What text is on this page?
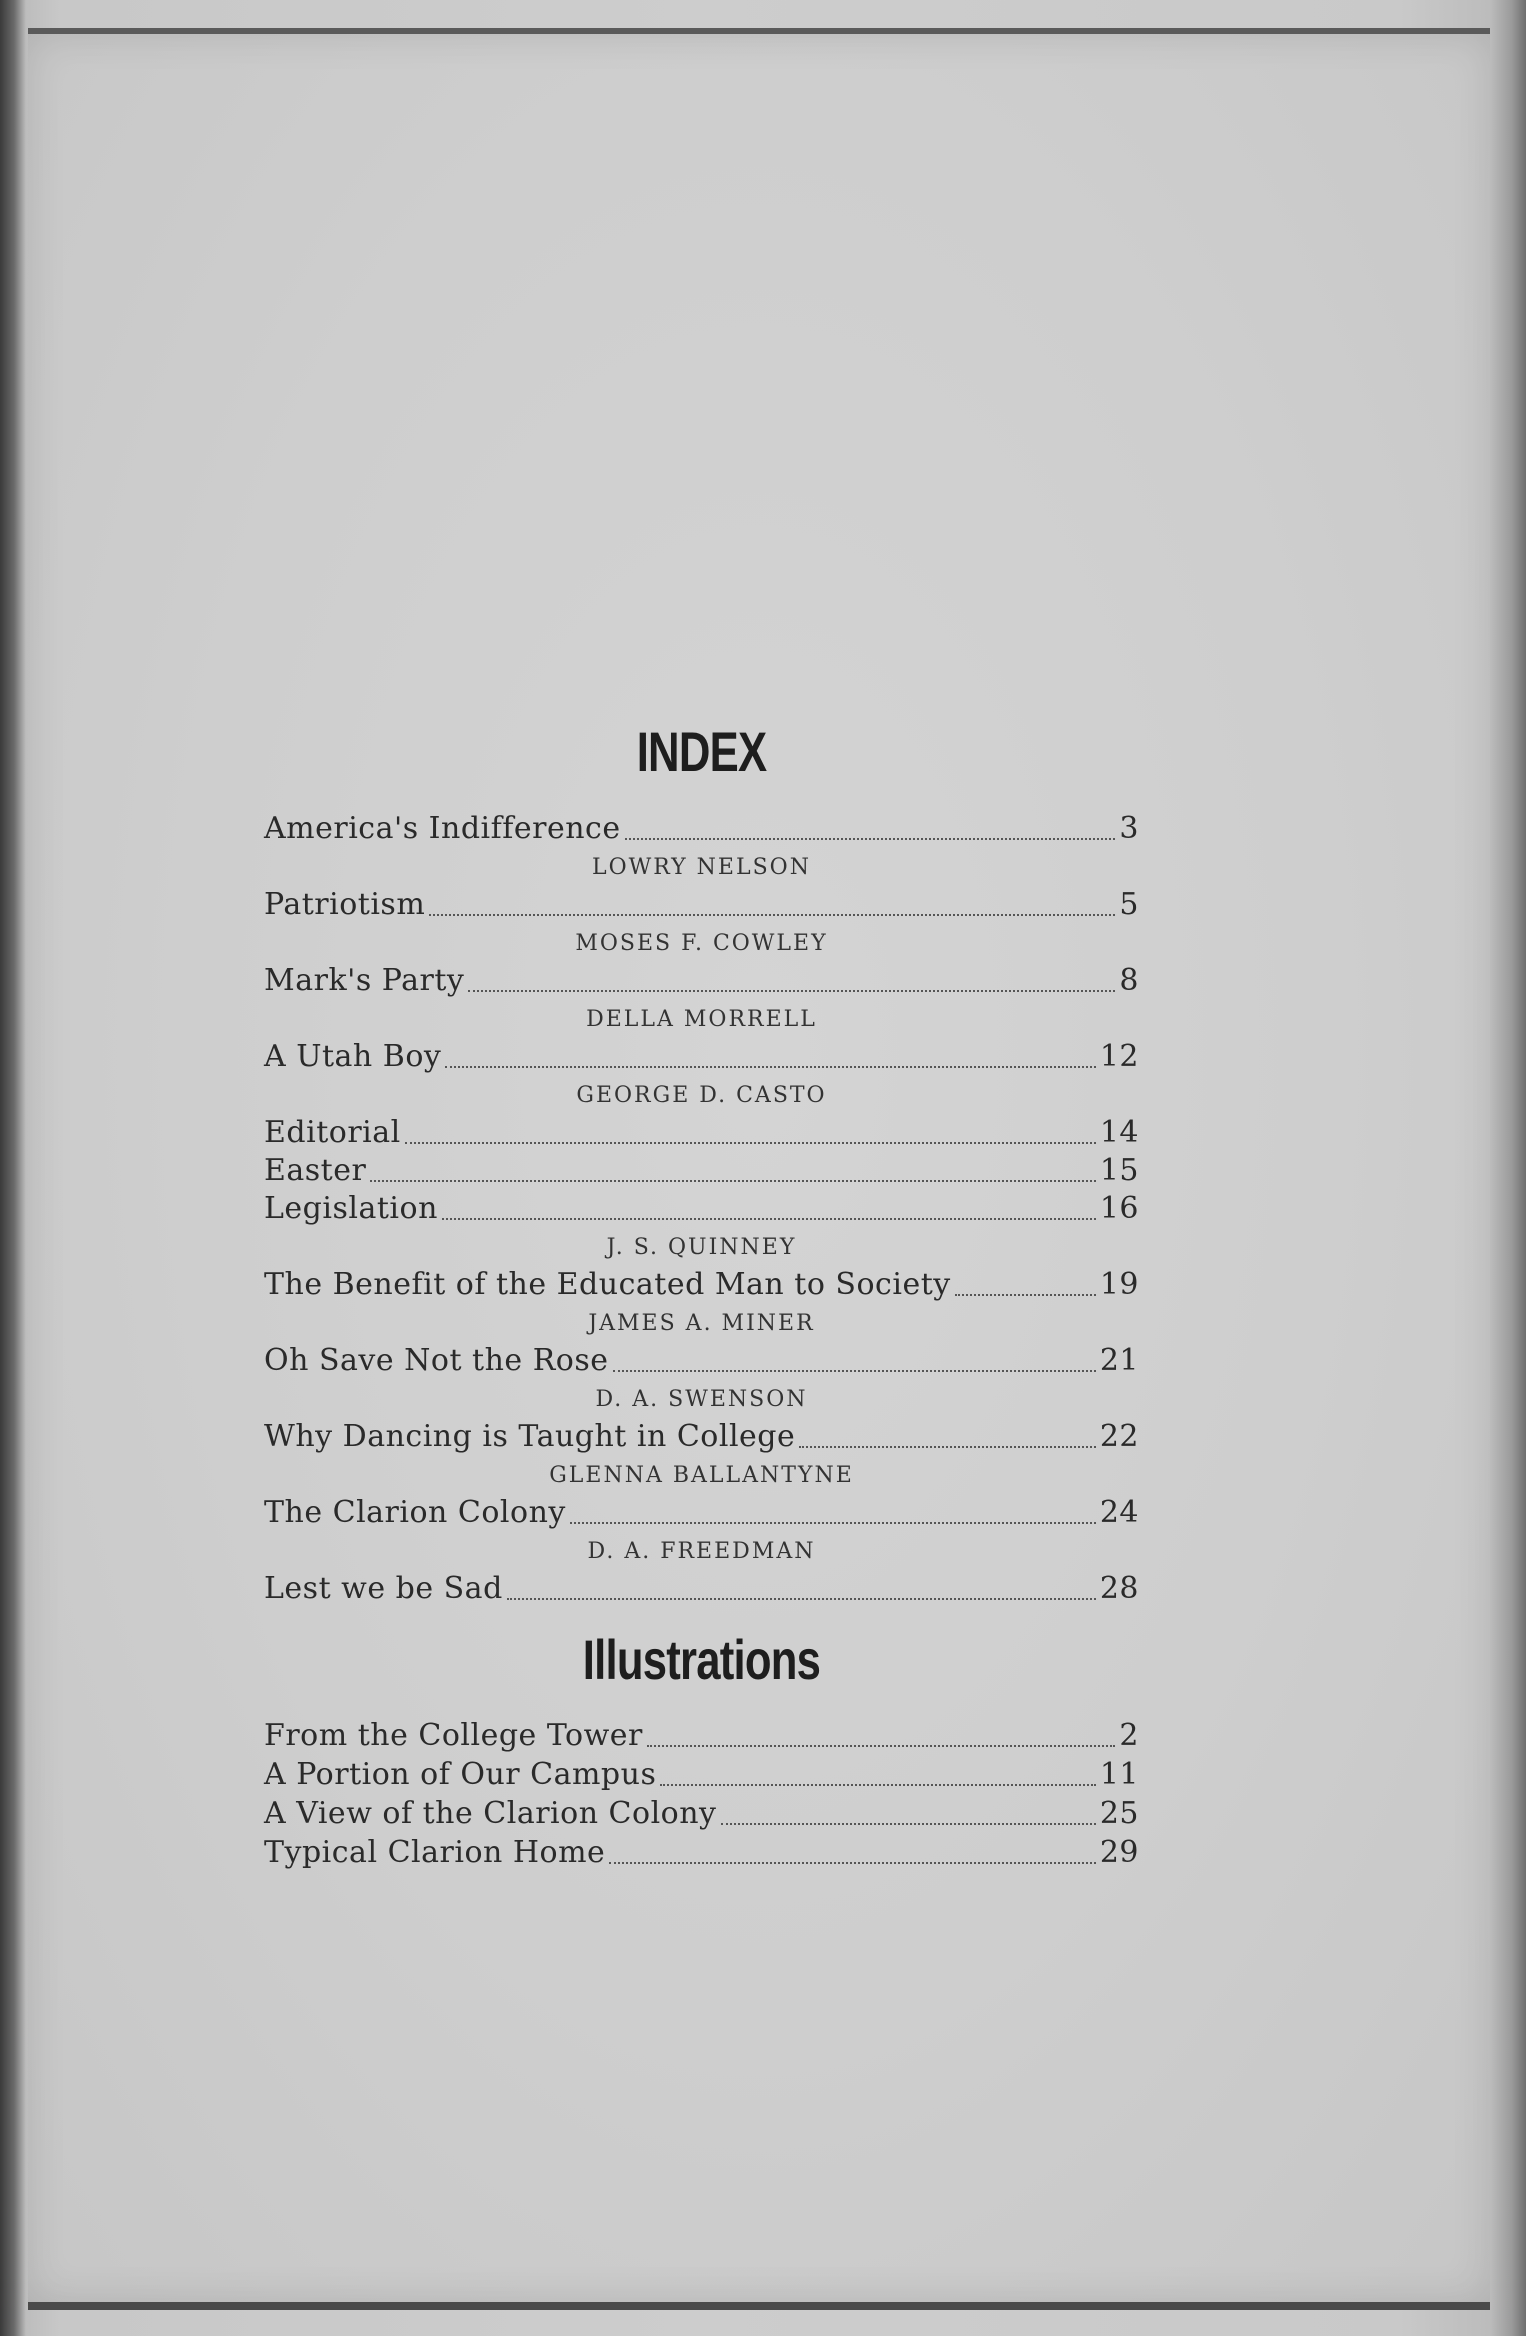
INDEX
America's Indifference	3
LOWRY NELSON
Patriotism	5
MOSES F. COWLEY
Mark's Party	8
DELLA MORRELL
A Utah Boy	12
GEORGE D. CASTO
Editorial	14
Easter	15
Legislation	16
J. S. QUINNEY
The Benefit of the Educated Man to Society	19
JAMES A. MINER
Oh Save Not the Rose	21
D. A. SWENSON
Why Dancing is Taught in College	22
GLENNA BALLANTYNE
The Clarion Colony	24
D. A. FREEDMAN
Lest we be Sad	28
Illustrations
From the College Tower	2
A Portion of Our Campus	11
A View of the Clarion Colony	25
Typical Clarion Home	29
